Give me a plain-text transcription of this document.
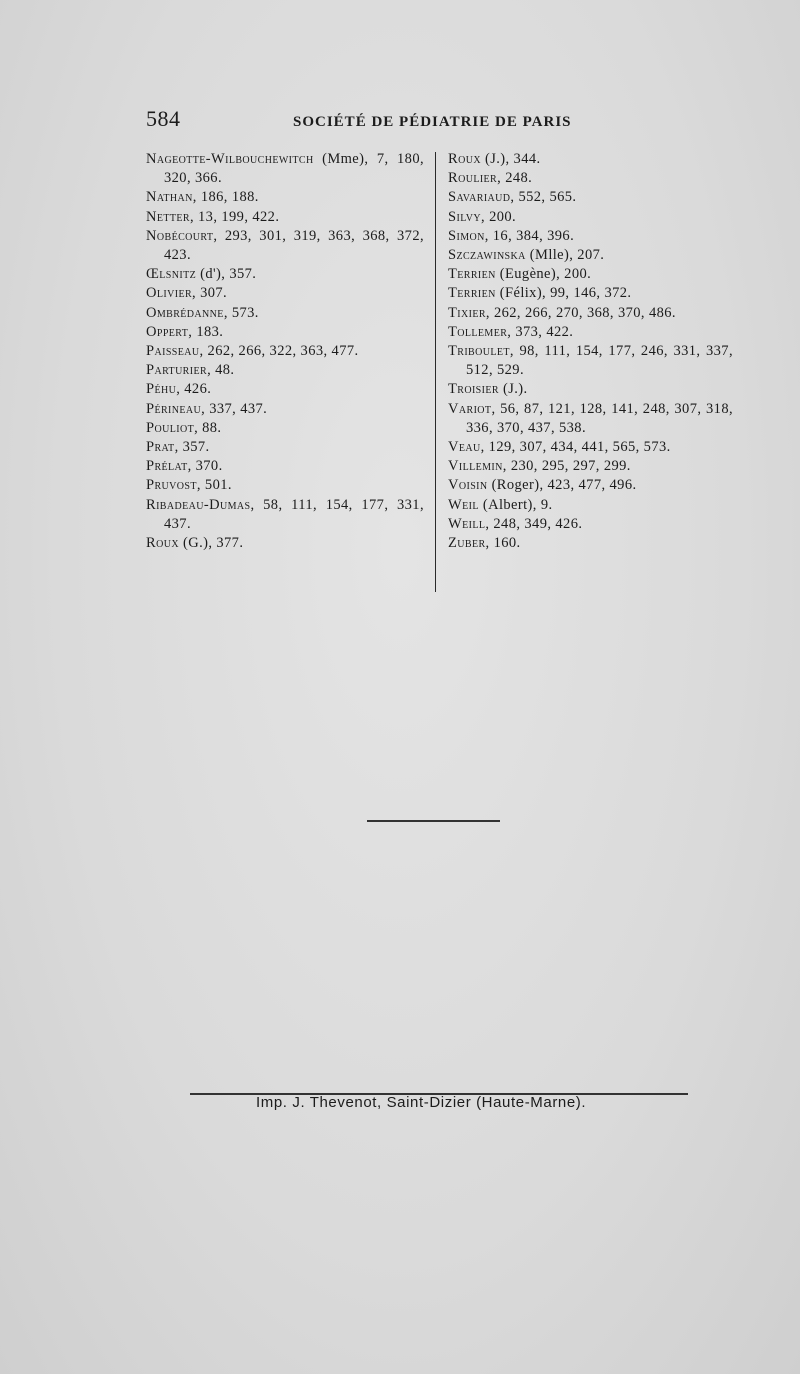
584	SOCIÉTÉ DE PÉDIATRIE DE PARIS

Nageotte-Wilbouchewitch (Mme), 7, 180, 320, 366.

Nathan, 186, 188.

Netter, 13, 199, 422.

Nobécourt, 293, 301, 319, 363, 368, 372, 423.

Œlsnitz (d'), 357.

Olivier, 307.

Ombrédanne, 573.

Oppert, 183.

Paisseau, 262, 266, 322, 363, 477.

Parturier, 48.

Péhu, 426.

Périneau, 337, 437.

Pouliot, 88.

Prat, 357.

Prélat, 370.

Pruvost, 501.

Ribadeau-Dumas, 58, 111, 154, 177, 331, 437.

Roux (G.), 377.

Roux (J.), 344.

Roulier, 248.

Savariaud, 552, 565.

Silvy, 200.

Simon, 16, 384, 396.

Szczawinska (Mlle), 207.

Terrien (Eugène), 200.

Terrien (Félix), 99, 146, 372.

Tixier, 262, 266, 270, 368, 370, 486.

Tollemer, 373, 422.

Triboulet, 98, 111, 154, 177, 246, 331, 337, 512, 529.

Troisier (J.).

Variot, 56, 87, 121, 128, 141, 248, 307, 318, 336, 370, 437, 538.

Veau, 129, 307, 434, 441, 565, 573.

Villemin, 230, 295, 297, 299.

Voisin (Roger), 423, 477, 496.

Weil (Albert), 9.

Weill, 248, 349, 426.

Zuber, 160.

Imp. J. Thevenot, Saint-Dizier (Haute-Marne).
